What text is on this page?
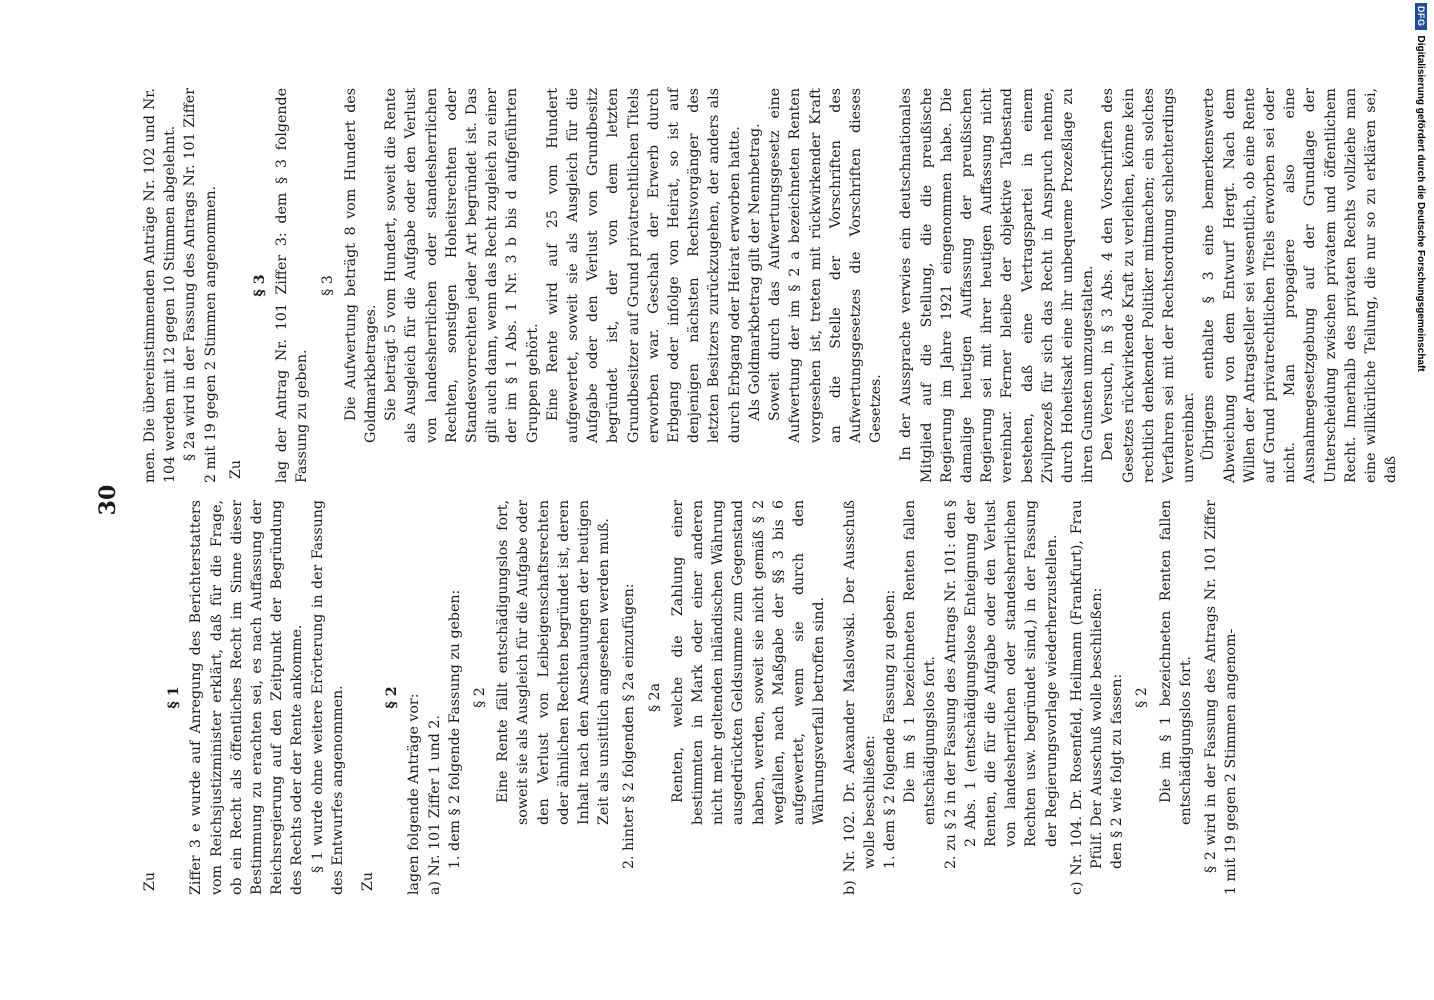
30

Zu

§ 1 Ziffer 3 e wurde auf Anregung des Berichterstatters vom Reichsjustizminister erklärt, daß für die Frage, ob ein Recht als öffentliches Recht im Sinne dieser Bestimmung zu erachten sei, es nach Auffassung der Reichsregierung auf den Zeitpunkt der Begründung des Rechts oder der Rente ankomme. § 1 wurde ohne weitere Erörterung in der Fassung des Entwurfes angenommen. Zu

§ 2 lagen folgende Anträge vor: a) Nr. 101 Ziffer 1 und 2. 1. dem § 2 folgende Fassung zu geben: § 2 Eine Rente fällt entschädigungslos fort, soweit sie als Ausgleich für die Aufgabe oder den Verlust von Leibeigenschaftsrechten oder ähnlichen Rechten begründet ist, deren Inhalt nach den Anschauungen der heutigen Zeit als unsittlich angesehen werden muß. 2. hinter § 2 folgenden § 2a einzufügen: § 2a Renten, welche die Zahlung einer bestimmten in Mark oder einer anderen nicht mehr geltenden inländischen Währung ausgedrückten Geldsumme zum Gegenstand haben, werden, soweit sie nicht gemäß § 2 wegfallen, nach Maßgabe der §§ 3 bis 6 aufgewertet, wenn sie durch den Währungsverfall betroffen sind. b) Nr. 102. Dr. Alexander Maslowski. Der Ausschuß wolle beschließen: 1. dem § 2 folgende Fassung zu geben: Die im § 1 bezeichneten Renten fallen entschädigungslos fort. 2. zu § 2 in der Fassung des Antrags Nr. 101: den § 2 Abs. 1 (entschädigungslose Enteignung der Renten, die für die Aufgabe oder den Verlust von landesherrlichen oder standesherrlichen Rechten usw. begründet sind,) in der Fassung der Regierungsvorlage wiederherzustellen. c) Nr. 104. Dr. Rosenfeld, Heilmann (Frankfurt), Frau Pfülf. Der Ausschuß wolle beschließen: den § 2 wie folgt zu fassen: § 2 Die im § 1 bezeichneten Renten fallen entschädigungslos fort. § 2 wird in der Fassung des Antrags Nr. 101 Ziffer 1 mit 19 gegen 2 Stimmen angenom-

men. Die übereinstimmenden Anträge Nr. 102 und Nr. 104 werden mit 12 gegen 10 Stimmen abgelehnt. § 2a wird in der Fassung des Antrags Nr. 101 Ziffer 2 mit 19 gegen 2 Stimmen angenommen. Zu

§ 3 lag der Antrag Nr. 101 Ziffer 3: dem § 3 folgende Fassung zu geben.

§ 3 Die Aufwertung beträgt 8 vom Hundert des Goldmarkbetrages. Sie beträgt 5 vom Hundert, soweit die Rente als Ausgleich für die Aufgabe oder den Verlust von landesherrlichen oder standesherrlichen Rechten, sonstigen Hoheitsrechten oder Standesvorrechten jeder Art begründet ist. Das gilt auch dann, wenn das Recht zugleich zu einer der im § 1 Abs. 1 Nr. 3 b bis d aufgeführten Gruppen gehört. Eine Rente wird auf 25 vom Hundert aufgewertet, soweit sie als Ausgleich für die Aufgabe oder den Verlust von Grundbesitz begründet ist, der von dem letzten Grundbesitzer auf Grund privatrechtlichen Titels erworben war. Geschah der Erwerb durch Erbgang oder infolge von Heirat, so ist auf denjenigen nächsten Rechtsvorgänger des letzten Besitzers zurückzugehen, der anders als durch Erbgang oder Heirat erworben hatte. Als Goldmarkbetrag gilt der Nennbetrag. Soweit durch das Aufwertungsgesetz eine Aufwertung der im § 2 a bezeichneten Renten vorgesehen ist, treten mit rückwirkender Kraft an die Stelle der Vorschriften des Aufwertungsgesetzes die Vorschriften dieses Gesetzes. In der Aussprache verwies ein deutschnationales Mitglied auf die Stellung, die die preußische Regierung im Jahre 1921 eingenommen habe. Die damalige heutigen Auffassung der preußischen Regierung sei mit ihrer heutigen Auffassung nicht vereinbar. Ferner bleibe der objektive Tatbestand bestehen, daß eine Vertragspartei in einem Zivilprozeß für sich das Recht in Anspruch nehme, durch Hoheitsakt eine ihr unbequeme Prozeßlage zu ihren Gunsten umzugestalten. Den Versuch, in § 3 Abs. 4 den Vorschriften des Gesetzes rückwirkende Kraft zu verleihen, könne kein rechtlich denkender Politiker mitmachen; ein solches Verfahren sei mit der Rechtsordnung schlechterdings unvereinbar. Übrigens enthalte § 3 eine bemerkenswerte Abweichung von dem Entwurf Hergt. Nach dem Willen der Antragsteller sei wesentlich, ob eine Rente auf Grund privatrechtlichen Titels erworben sei oder nicht. Man propagiere also eine Ausnahmegesetzgebung auf der Grundlage der Unterscheidung zwischen privatem und öffentlichem Recht. Innerhalb des privaten Rechts vollziehe man eine willkürliche Teilung, die nur so zu erklären sei, daß

DFG
Digitalisierung gefördert durch die Deutsche Forschungsgemeinschaft
